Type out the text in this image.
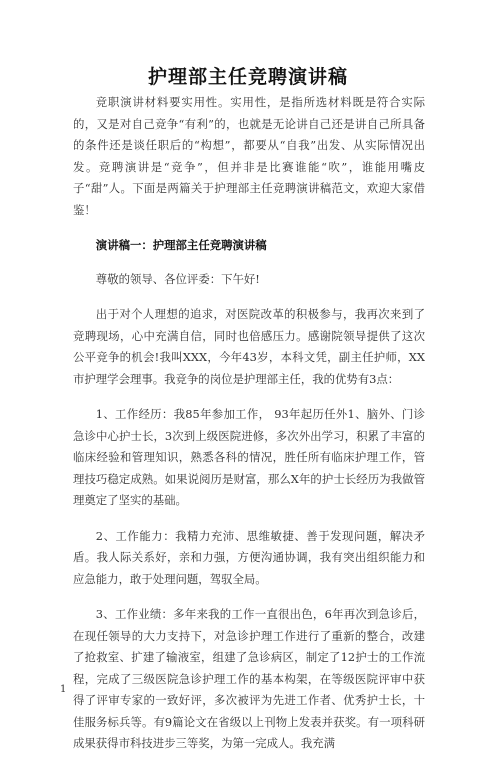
护理部主任竞聘演讲稿

竞职演讲材料要实用性。实用性，是指所选材料既是符合实际的，又是对自己竞争“有利”的，也就是无论讲自己还是讲自己所具备的条件还是谈任职后的“构想”，都要从“自我”出发、从实际情况出发。竞聘演讲是“竞争”，但并非是比赛谁能“吹”，谁能用嘴皮子“甜”人。下面是两篇关于护理部主任竞聘演讲稿范文，欢迎大家借鉴！

演讲稿一：护理部主任竞聘演讲稿

尊敬的领导、各位评委：下午好!

出于对个人理想的追求，对医院改革的积极参与，我再次来到了竞聘现场，心中充满自信，同时也倍感压力。感谢院领导提供了这次公平竞争的机会!我叫XXX，今年43岁，本科文凭，副主任护师，XX市护理学会理事。我竞争的岗位是护理部主任，我的优势有3点：

1、工作经历：我85年参加工作， 93年起历任外1、脑外、门诊急诊中心护士长，3次到上级医院进修，多次外出学习，积累了丰富的临床经验和管理知识，熟悉各科的情况，胜任所有临床护理工作，管理技巧稳定成熟。如果说阅历是财富，那么X年的护士长经历为我做管理奠定了坚实的基础。

2、工作能力：我精力充沛、思维敏捷、善于发现问题，解决矛盾。我人际关系好，亲和力强，方便沟通协调，我有突出组织能力和应急能力，敢于处理问题，驾驭全局。

3、工作业绩：多年来我的工作一直很出色，6年再次到急诊后，在现任领导的大力支持下，对急诊护理工作进行了重新的整合，改建了抢救室、扩建了输液室，组建了急诊病区，制定了12护士的工作流程，完成了三级医院急诊护理工作的基本构架，在等级医院评审中获得了评审专家的一致好评，多次被评为先进工作者、优秀护士长，十佳服务标兵等。有9篇论文在省级以上刊物上发表并获奖。有一项科研成果获得市科技进步三等奖，为第一完成人。我充满

1
